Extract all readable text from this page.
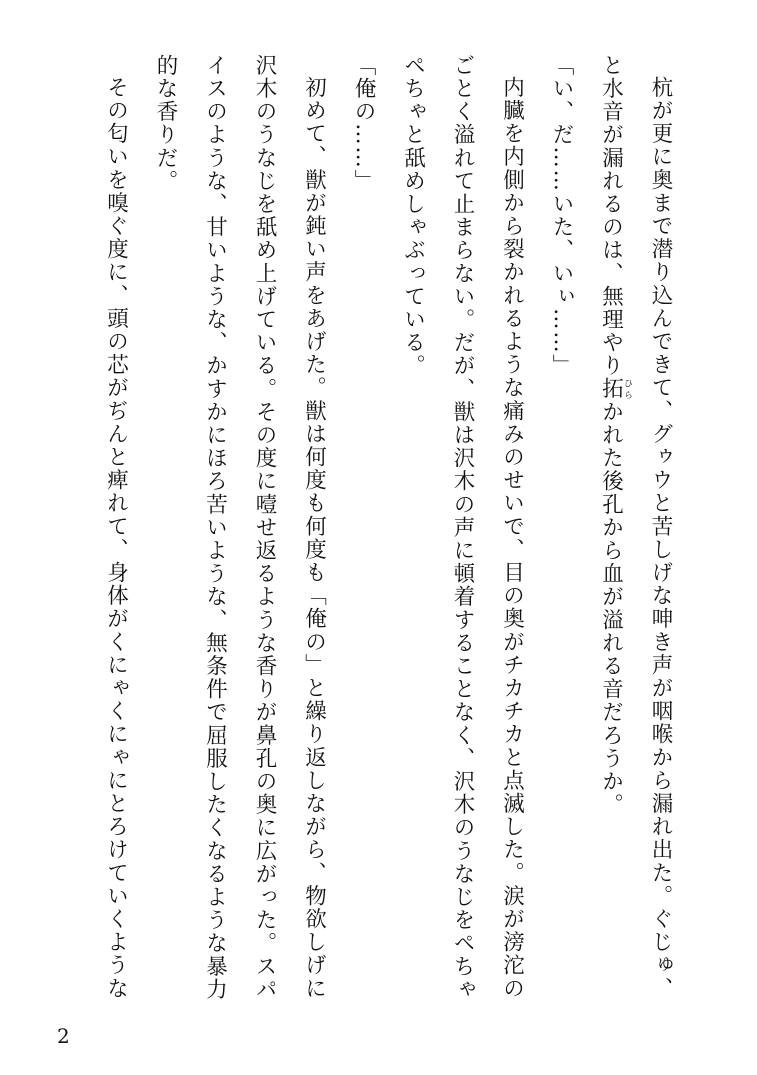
杭が更に奥まで潜り込んできて、グゥウと苦しげな呻き声が咽喉から漏れ出た。ぐじゅ、と水音が漏れるのは、無理やり拓ひらかれた後孔から血が溢れる音だろうか。

「い、だ……いた、いぃ……」

内臓を内側から裂かれるような痛みのせいで、目の奥がチカチカと点滅した。涙が滂沱のごとく溢れて止まらない。だが、獣は沢木の声に頓着することなく、沢木のうなじをペちゃペちゃと舐めしゃぶっている。

「俺の……」

初めて、獣が鈍い声をあげた。獣は何度も何度も「俺の」と繰り返しながら、物欲しげに沢木のうなじを舐め上げている。その度に噎せ返るような香りが鼻孔の奥に広がった。スパイスのような、甘いような、かすかにほろ苦いような、無条件で屈服したくなるような暴力的な香りだ。

その匂いを嗅ぐ度に、頭の芯がぢんと痺れて、身体がくにゃくにゃにとろけていくような

2
